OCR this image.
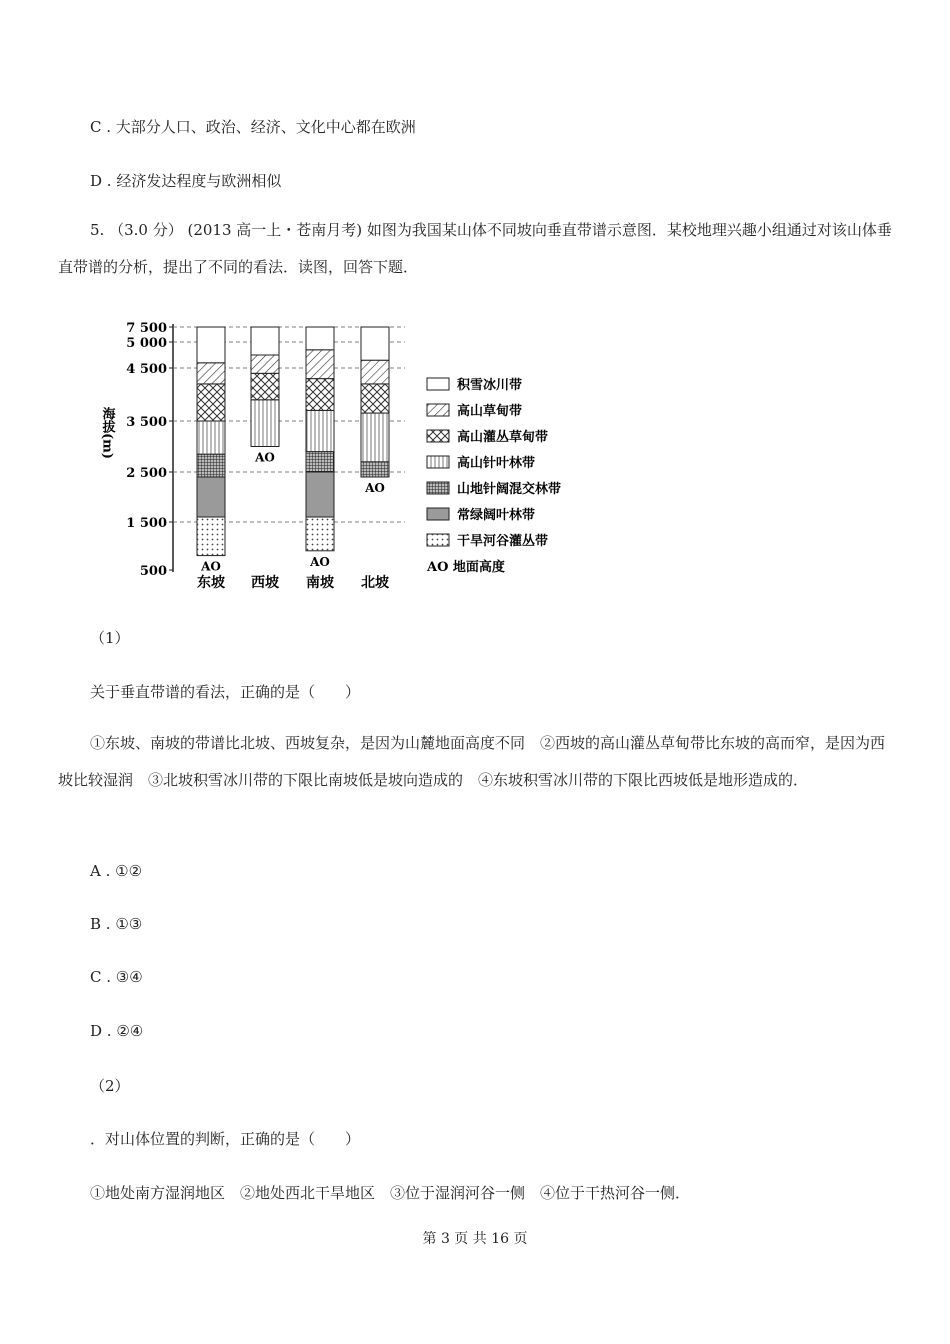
C . 大部分人口、政治、经济、文化中心都在欧洲
D . 经济发达程度与欧洲相似
5. （3.0 分） (2013 高一上・苍南月考) 如图为我国某山体不同坡向垂直带谱示意图．某校地理兴趣小组通过对该山体垂直带谱的分析，提出了不同的看法．读图，回答下题．
7 500
5 000
4 500
3 500
2 500
1 500
500
海拔(m)
AO
东坡
AO
西坡
AO
南坡
AO
北坡
积雪冰川带
高山草甸带
高山灌丛草甸带
高山针叶林带
山地针阔混交林带
常绿阔叶林带
干旱河谷灌丛带
AO 地面高度
（1）
关于垂直带谱的看法，正确的是（　　）
①东坡、南坡的带谱比北坡、西坡复杂，是因为山麓地面高度不同　②西坡的高山灌丛草甸带比东坡的高而窄，是因为西坡比较湿润　③北坡积雪冰川带的下限比南坡低是坡向造成的　④东坡积雪冰川带的下限比西坡低是地形造成的．
A . ①②
B . ①③
C . ③④
D . ②④
（2）
．对山体位置的判断，正确的是（　　）
①地处南方湿润地区　②地处西北干旱地区　③位于湿润河谷一侧　④位于干热河谷一侧．
第 3 页 共 16 页
